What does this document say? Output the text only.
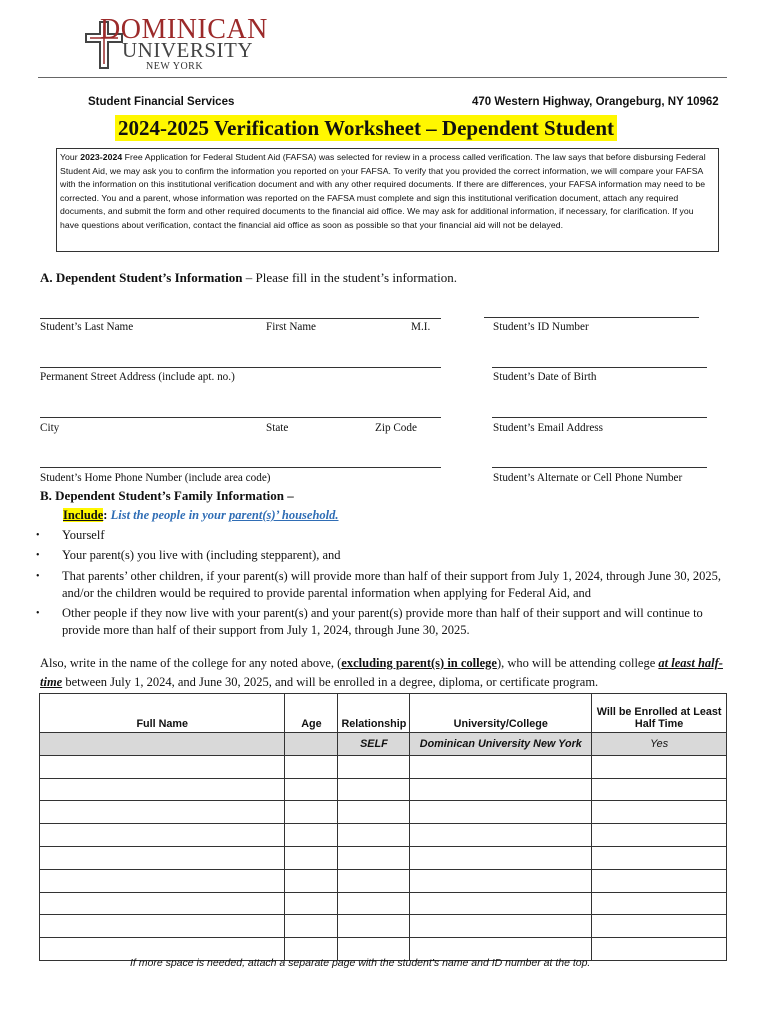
DOMINICAN
UNIVERSITY
NEW YORK
Student Financial Services	470 Western Highway, Orangeburg, NY 10962
2024-2025 Verification Worksheet – Dependent Student
Your 2023-2024 Free Application for Federal Student Aid (FAFSA) was selected for review in a process called verification. The law says that before disbursing Federal Student Aid, we may ask you to confirm the information you reported on your FAFSA. To verify that you provided the correct information, we will compare your FAFSA with the information on this institutional verification document and with any other required documents. If there are differences, your FAFSA information may need to be corrected. You and a parent, whose information was reported on the FAFSA must complete and sign this institutional verification document, attach any required documents, and submit the form and other required documents to the financial aid office. We may ask for additional information, if necessary, for clarification. If you have questions about verification, contact the financial aid office as soon as possible so that your financial aid will not be delayed.
A. Dependent Student’s Information – Please fill in the student’s information.
Student’s Last Name	First Name	M.I.	Student’s ID Number
Permanent Street Address (include apt. no.)	Student’s Date of Birth
City	State	Zip Code	Student’s Email Address
Student’s Home Phone Number (include area code)	Student’s Alternate or Cell Phone Number
B. Dependent Student’s Family Information –
Include: List the people in your parent(s)’ household.
• Yourself
• Your parent(s) you live with (including stepparent), and
• That parents’ other children, if your parent(s) will provide more than half of their support from July 1, 2024, through June 30, 2025, and/or the children would be required to provide parental information when applying for Federal Aid, and
• Other people if they now live with your parent(s) and your parent(s) provide more than half of their support and will continue to provide more than half of their support from July 1, 2024, through June 30, 2025.
Also, write in the name of the college for any noted above, (excluding parent(s) in college), who will be attending college at least half-time between July 1, 2024, and June 30, 2025, and will be enrolled in a degree, diploma, or certificate program.
Full Name	Age	Relationship	University/College	Will be Enrolled at Least Half Time
		SELF	Dominican University New York	Yes

If more space is needed, attach a separate page with the student’s name and ID number at the top.
